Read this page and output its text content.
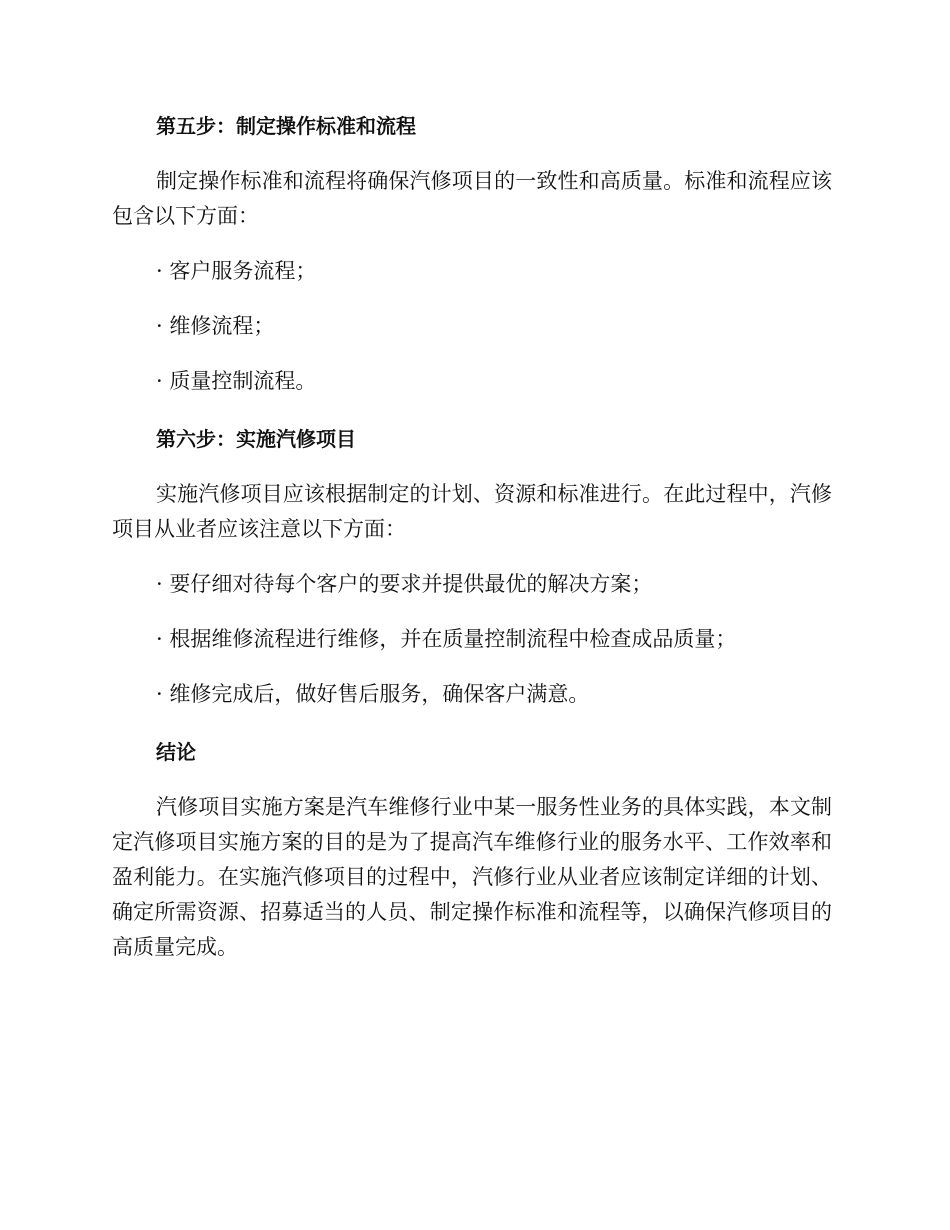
第五步：制定操作标准和流程

制定操作标准和流程将确保汽修项目的一致性和高质量。标准和流程应该包含以下方面：

· 客户服务流程；

· 维修流程；

· 质量控制流程。

第六步：实施汽修项目

实施汽修项目应该根据制定的计划、资源和标准进行。在此过程中，汽修项目从业者应该注意以下方面：

· 要仔细对待每个客户的要求并提供最优的解决方案；

· 根据维修流程进行维修，并在质量控制流程中检查成品质量；

· 维修完成后，做好售后服务，确保客户满意。

结论

汽修项目实施方案是汽车维修行业中某一服务性业务的具体实践，本文制定汽修项目实施方案的目的是为了提高汽车维修行业的服务水平、工作效率和盈利能力。在实施汽修项目的过程中，汽修行业从业者应该制定详细的计划、确定所需资源、招募适当的人员、制定操作标准和流程等，以确保汽修项目的高质量完成。
